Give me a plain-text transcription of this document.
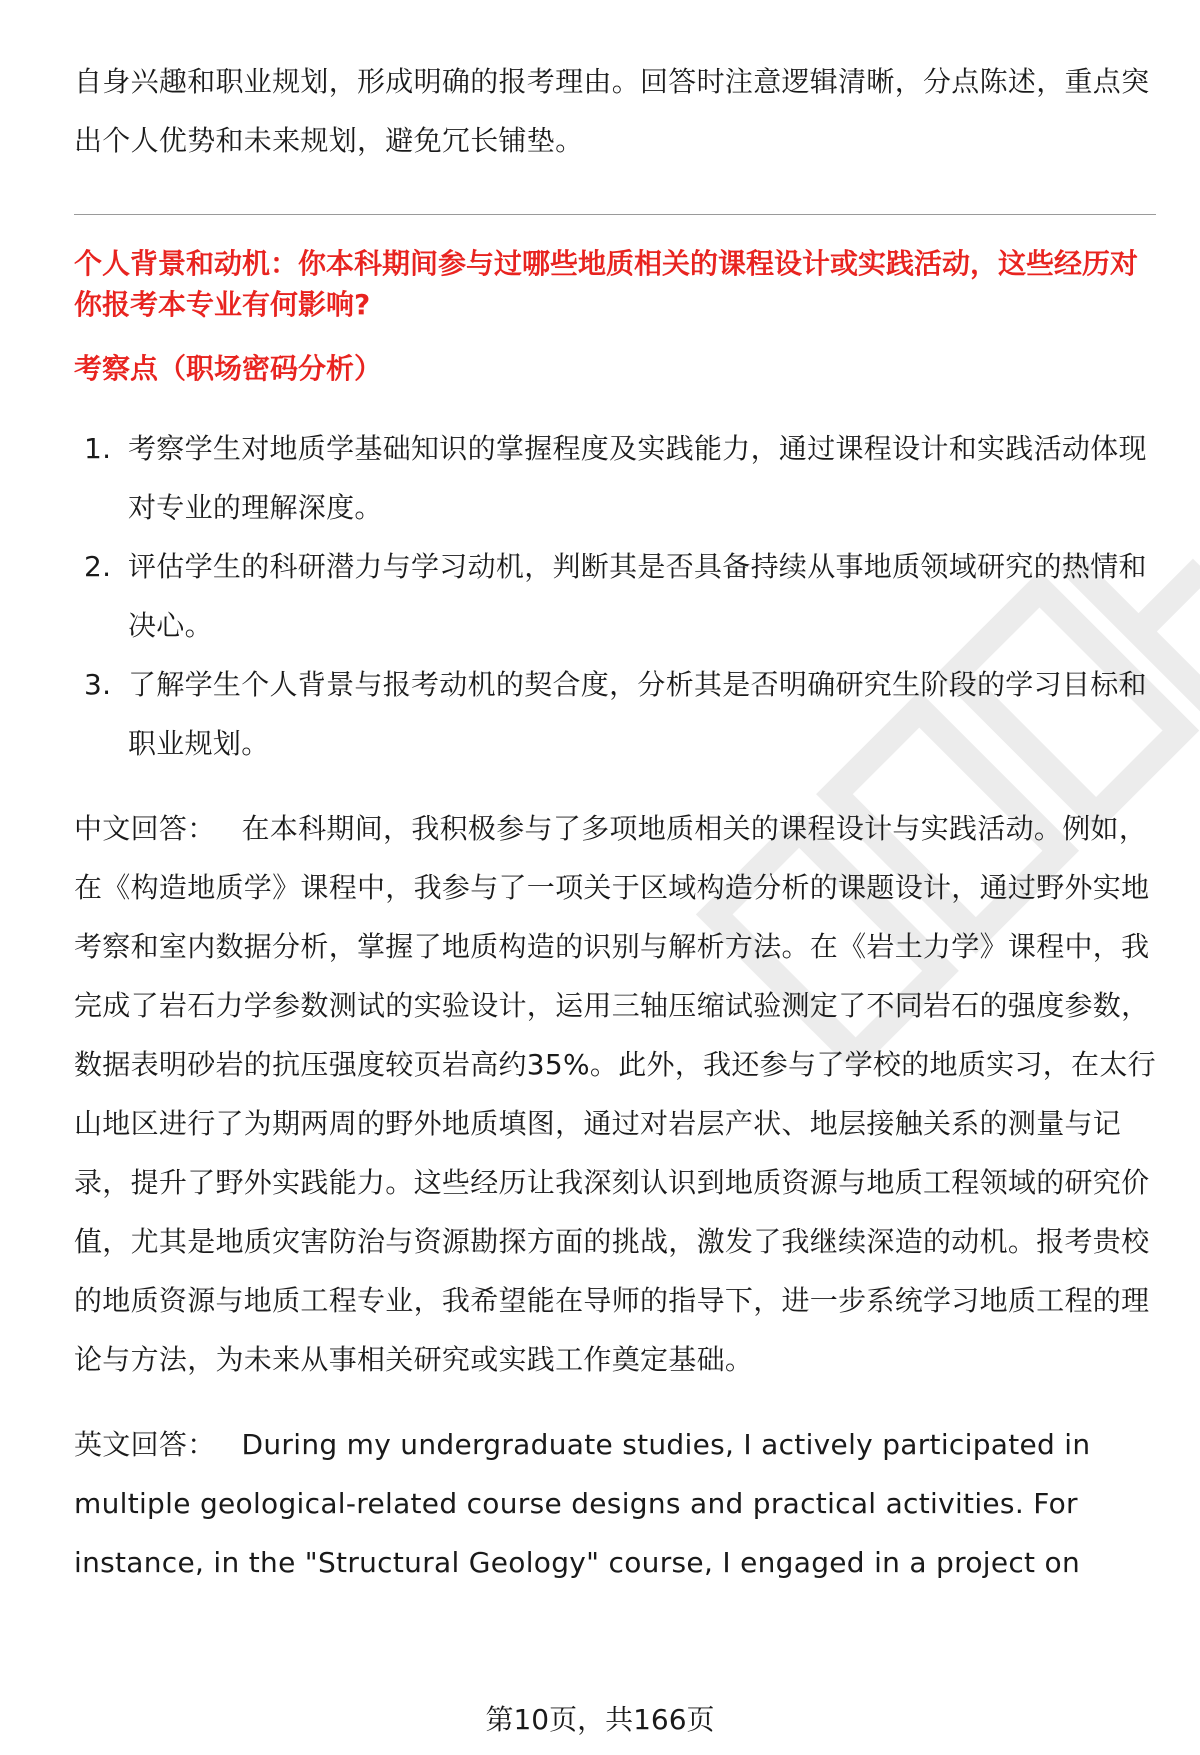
自身兴趣和职业规划，形成明确的报考理由。回答时注意逻辑清晰，分点陈述，重点突出个人优势和未来规划，避免冗长铺垫。

个人背景和动机：你本科期间参与过哪些地质相关的课程设计或实践活动，这些经历对你报考本专业有何影响?

考察点（职场密码分析）

1. 考察学生对地质学基础知识的掌握程度及实践能力，通过课程设计和实践活动体现对专业的理解深度。
2. 评估学生的科研潜力与学习动机，判断其是否具备持续从事地质领域研究的热情和决心。
3. 了解学生个人背景与报考动机的契合度，分析其是否明确研究生阶段的学习目标和职业规划。

中文回答： 在本科期间，我积极参与了多项地质相关的课程设计与实践活动。例如，在《构造地质学》课程中，我参与了一项关于区域构造分析的课题设计，通过野外实地考察和室内数据分析，掌握了地质构造的识别与解析方法。在《岩土力学》课程中，我完成了岩石力学参数测试的实验设计，运用三轴压缩试验测定了不同岩石的强度参数，数据表明砂岩的抗压强度较页岩高约35%。此外，我还参与了学校的地质实习，在太行山地区进行了为期两周的野外地质填图，通过对岩层产状、地层接触关系的测量与记录，提升了野外实践能力。这些经历让我深刻认识到地质资源与地质工程领域的研究价值，尤其是地质灾害防治与资源勘探方面的挑战，激发了我继续深造的动机。报考贵校的地质资源与地质工程专业，我希望能在导师的指导下，进一步系统学习地质工程的理论与方法，为未来从事相关研究或实践工作奠定基础。

英文回答： During my undergraduate studies, I actively participated in multiple geological-related course designs and practical activities. For instance, in the "Structural Geology" course, I engaged in a project on

第10页，共166页
